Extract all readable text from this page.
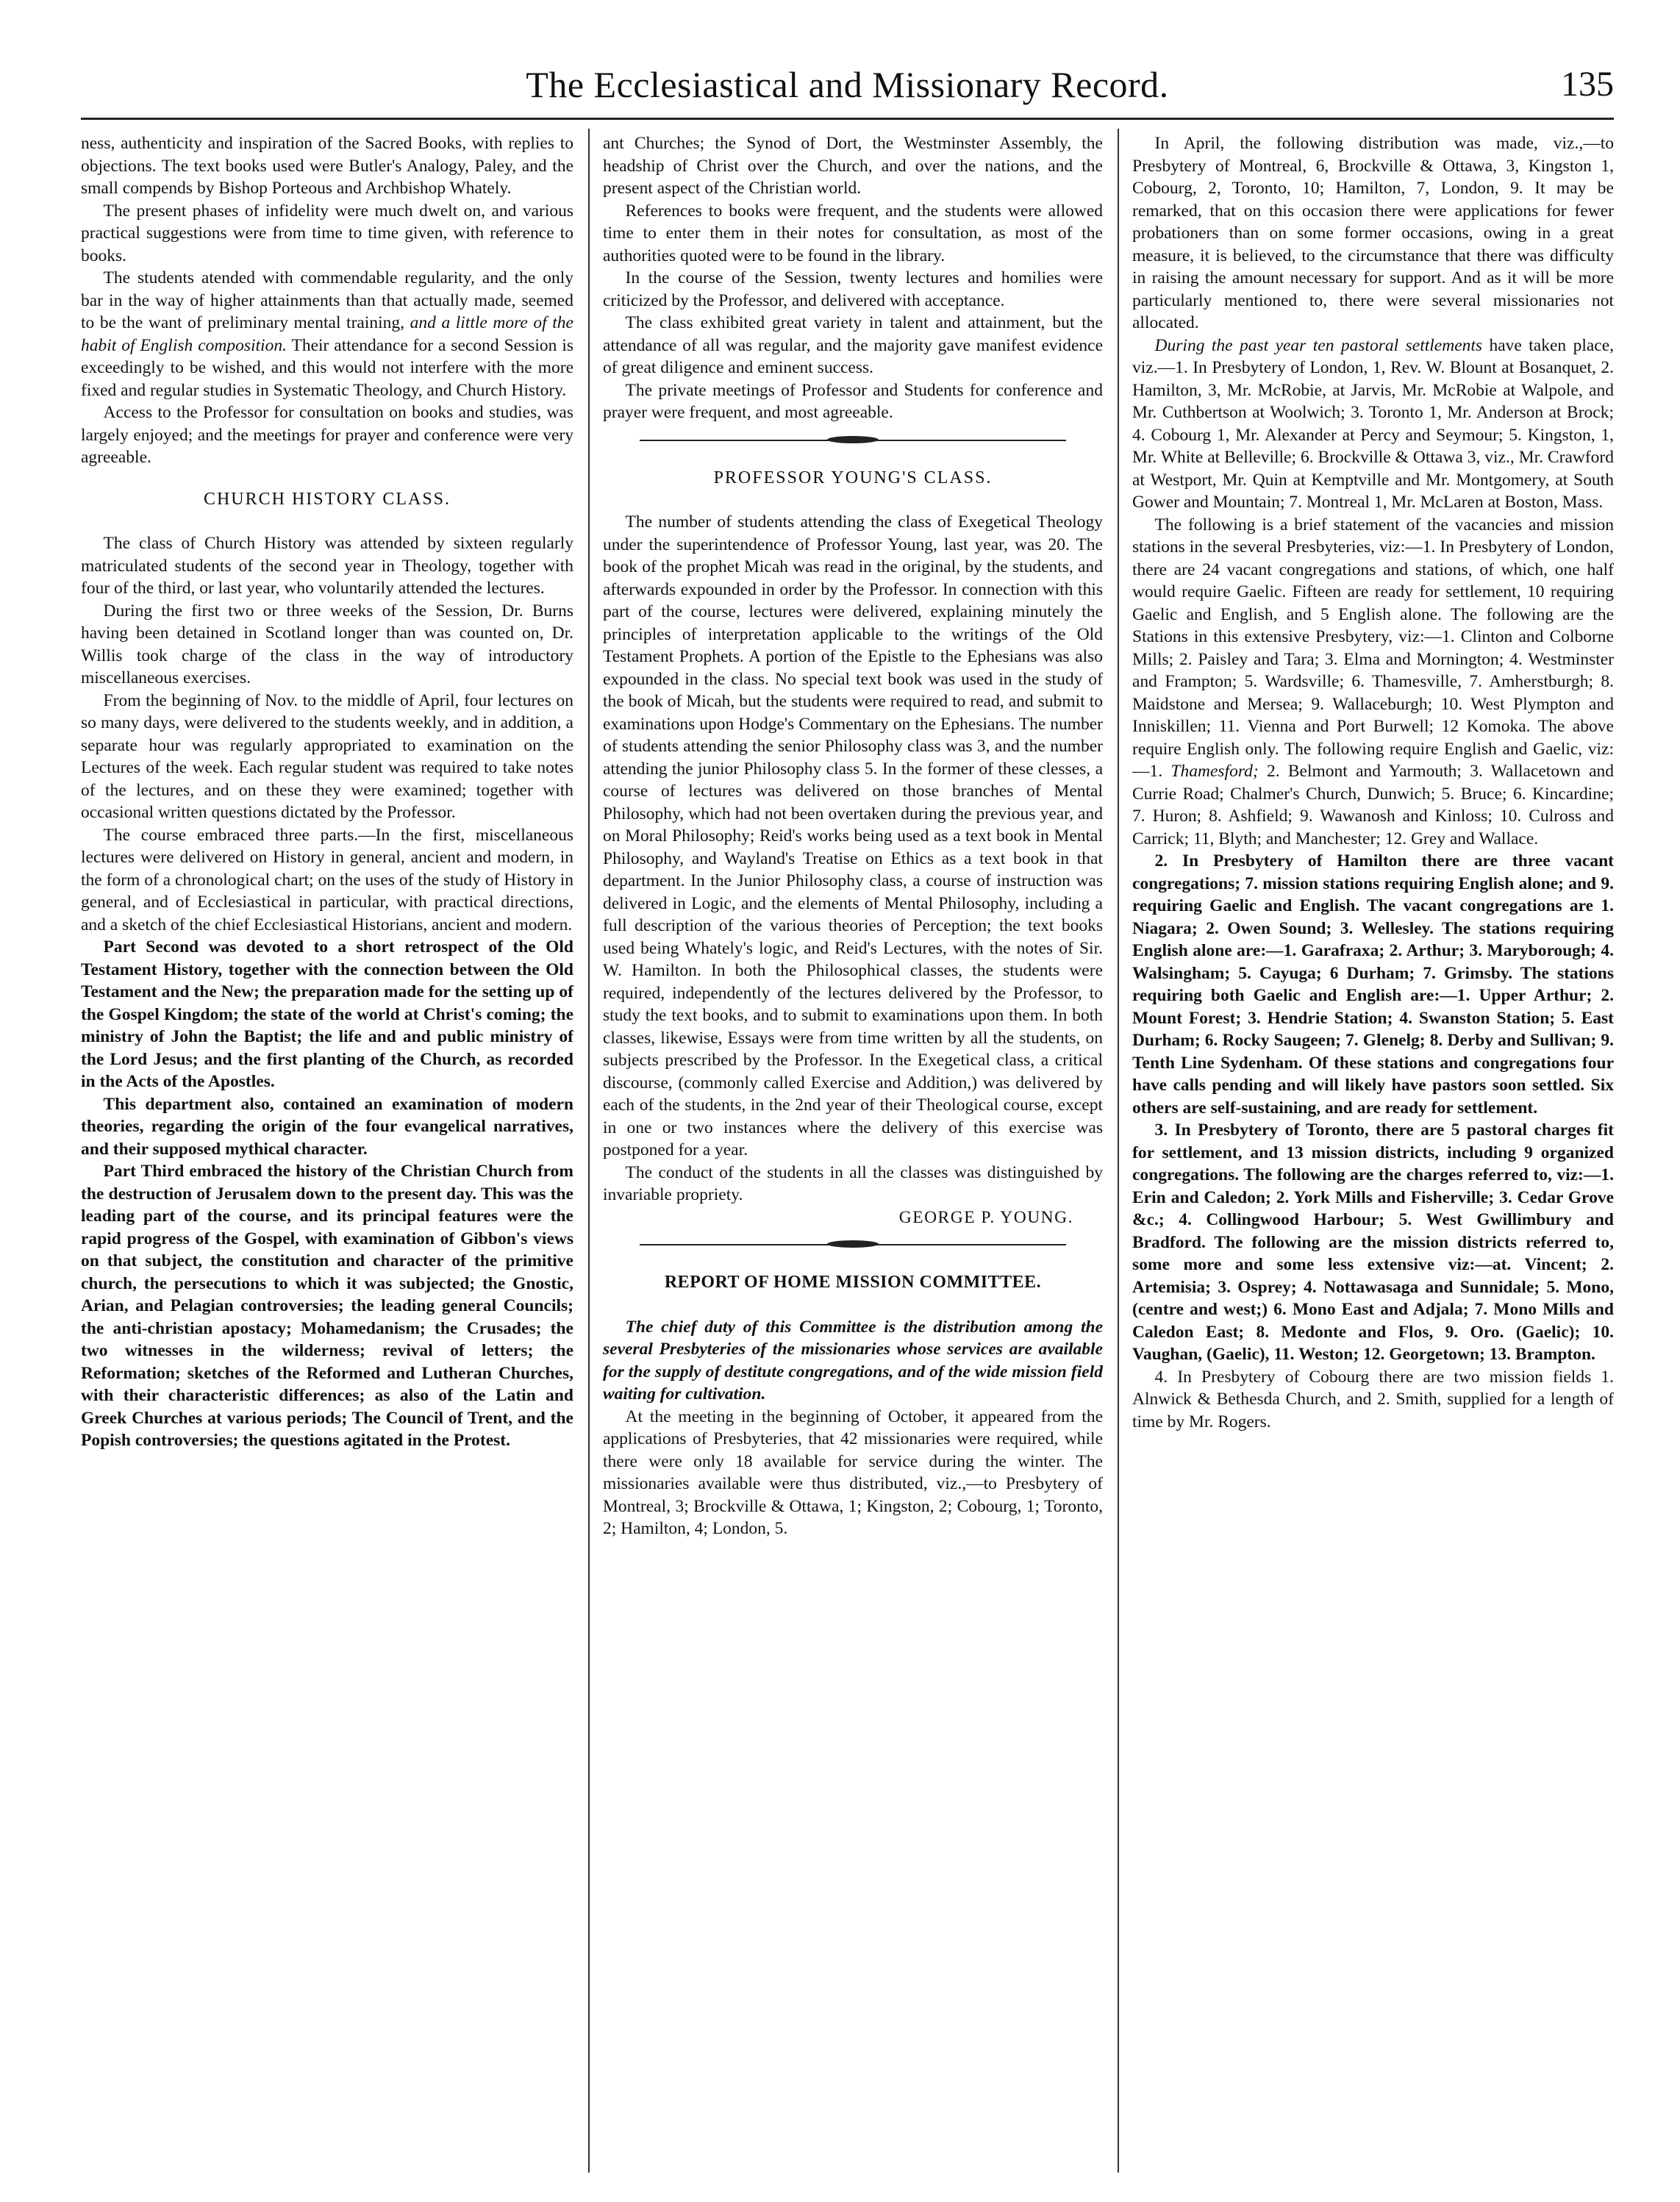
The Ecclesiastical and Missionary Record.	135

ness, authenticity and inspiration of the Sacred Books, with replies to objections. The text books used were Butler's Analogy, Paley, and the small compends by Bishop Porteous and Archbishop Whately.

The present phases of infidelity were much dwelt on, and various practical suggestions were from time to time given, with reference to books.

The students atended with commendable regularity, and the only bar in the way of higher attainments than that actually made, seemed to be the want of preliminary mental training, and a little more of the habit of English composition. Their attendance for a second Session is exceedingly to be wished, and this would not interfere with the more fixed and regular studies in Systematic Theology, and Church History.

Access to the Professor for consultation on books and studies, was largely enjoyed; and the meetings for prayer and conference were very agreeable.

CHURCH HISTORY CLASS.

The class of Church History was attended by sixteen regularly matriculated students of the second year in Theology, together with four of the third, or last year, who voluntarily attended the lectures.

During the first two or three weeks of the Session, Dr. Burns having been detained in Scotland longer than was counted on, Dr. Willis took charge of the class in the way of introductory miscellaneous exercises.

From the beginning of Nov. to the middle of April, four lectures on so many days, were delivered to the students weekly, and in addition, a separate hour was regularly appropriated to examination on the Lectures of the week. Each regular student was required to take notes of the lectures, and on these they were examined; together with occasional written questions dictated by the Professor.

The course embraced three parts.—In the first, miscellaneous lectures were delivered on History in general, ancient and modern, in the form of a chronological chart; on the uses of the study of History in general, and of Ecclesiastical in particular, with practical directions, and a sketch of the chief Ecclesiastical Historians, ancient and modern.

Part Second was devoted to a short retrospect of the Old Testament History, together with the connection between the Old Testament and the New; the preparation made for the setting up of the Gospel Kingdom; the state of the world at Christ's coming; the ministry of John the Baptist; the life and and public ministry of the Lord Jesus; and the first planting of the Church, as recorded in the Acts of the Apostles.

This department also, contained an examination of modern theories, regarding the origin of the four evangelical narratives, and their supposed mythical character.

Part Third embraced the history of the Christian Church from the destruction of Jerusalem down to the present day. This was the leading part of the course, and its principal features were the rapid progress of the Gospel, with examination of Gibbon's views on that subject, the constitution and character of the primitive church, the persecutions to which it was subjected; the Gnostic, Arian, and Pelagian controversies; the leading general Councils; the anti-christian apostacy; Mohamedanism; the Crusades; the two witnesses in the wilderness; revival of letters; the Reformation; sketches of the Reformed and Lutheran Churches, with their characteristic differences; as also of the Latin and Greek Churches at various periods; The Council of Trent, and the Popish controversies; the questions agitated in the Protest.

ant Churches; the Synod of Dort, the Westminster Assembly, the headship of Christ over the Church, and over the nations, and the present aspect of the Christian world.

References to books were frequent, and the students were allowed time to enter them in their notes for consultation, as most of the authorities quoted were to be found in the library.

In the course of the Session, twenty lectures and homilies were criticized by the Professor, and delivered with acceptance.

The class exhibited great variety in talent and attainment, but the attendance of all was regular, and the majority gave manifest evidence of great diligence and eminent success.

The private meetings of Professor and Students for conference and prayer were frequent, and most agreeable.

PROFESSOR YOUNG'S CLASS.

The number of students attending the class of Exegetical Theology under the superintendence of Professor Young, last year, was 20. The book of the prophet Micah was read in the original, by the students, and afterwards expounded in order by the Professor. In connection with this part of the course, lectures were delivered, explaining minutely the principles of interpretation applicable to the writings of the Old Testament Prophets. A portion of the Epistle to the Ephesians was also expounded in the class. No special text book was used in the study of the book of Micah, but the students were required to read, and submit to examinations upon Hodge's Commentary on the Ephesians. The number of students attending the senior Philosophy class was 3, and the number attending the junior Philosophy class 5. In the former of these clesses, a course of lectures was delivered on those branches of Mental Philosophy, which had not been overtaken during the previous year, and on Moral Philosophy; Reid's works being used as a text book in Mental Philosophy, and Wayland's Treatise on Ethics as a text book in that department. In the Junior Philosophy class, a course of instruction was delivered in Logic, and the elements of Mental Philosophy, including a full description of the various theories of Perception; the text books used being Whately's logic, and Reid's Lectures, with the notes of Sir. W. Hamilton. In both the Philosophical classes, the students were required, independently of the lectures delivered by the Professor, to study the text books, and to submit to examinations upon them. In both classes, likewise, Essays were from time written by all the students, on subjects prescribed by the Professor. In the Exegetical class, a critical discourse, (commonly called Exercise and Addition,) was delivered by each of the students, in the 2nd year of their Theological course, except in one or two instances where the delivery of this exercise was postponed for a year.

The conduct of the students in all the classes was distinguished by invariable propriety.

GEORGE P. YOUNG.
REPORT OF HOME MISSION COMMITTEE.

The chief duty of this Committee is the distribution among the several Presbyteries of the missionaries whose services are available for the supply of destitute congregations, and of the wide mission field waiting for cultivation.

At the meeting in the beginning of October, it appeared from the applications of Presbyteries, that 42 missionaries were required, while there were only 18 available for service during the winter. The missionaries available were thus distributed, viz.,—to Presbytery of Montreal, 3; Brockville & Ottawa, 1; Kingston, 2; Cobourg, 1; Toronto, 2; Hamilton, 4; London, 5.

In April, the following distribution was made, viz.,—to Presbytery of Montreal, 6, Brockville & Ottawa, 3, Kingston 1, Cobourg, 2, Toronto, 10; Hamilton, 7, London, 9. It may be remarked, that on this occasion there were applications for fewer probationers than on some former occasions, owing in a great measure, it is believed, to the circumstance that there was difficulty in raising the amount necessary for support. And as it will be more particularly mentioned to, there were several missionaries not allocated.

During the past year ten pastoral settlements have taken place, viz.—1. In Presbytery of London, 1, Rev. W. Blount at Bosanquet, 2. Hamilton, 3, Mr. McRobie, at Jarvis, Mr. McRobie at Walpole, and Mr. Cuthbertson at Woolwich; 3. Toronto 1, Mr. Anderson at Brock; 4. Cobourg 1, Mr. Alexander at Percy and Seymour; 5. Kingston, 1, Mr. White at Belleville; 6. Brockville & Ottawa 3, viz., Mr. Crawford at Westport, Mr. Quin at Kemptville and Mr. Montgomery, at South Gower and Mountain; 7. Montreal 1, Mr. McLaren at Boston, Mass.

The following is a brief statement of the vacancies and mission stations in the several Presbyteries, viz:—1. In Presbytery of London, there are 24 vacant congregations and stations, of which, one half would require Gaelic. Fifteen are ready for settlement, 10 requiring Gaelic and English, and 5 English alone. The following are the Stations in this extensive Presbytery, viz:—1. Clinton and Colborne Mills; 2. Paisley and Tara; 3. Elma and Mornington; 4. Westminster and Frampton; 5. Wardsville; 6. Thamesville, 7. Amherstburgh; 8. Maidstone and Mersea; 9. Wallaceburgh; 10. West Plympton and Inniskillen; 11. Vienna and Port Burwell; 12 Komoka. The above require English only. The following require English and Gaelic, viz:—1. Thamesford; 2. Belmont and Yarmouth; 3. Wallacetown and Currie Road; Chalmer's Church, Dunwich; 5. Bruce; 6. Kincardine; 7. Huron; 8. Ashfield; 9. Wawanosh and Kinloss; 10. Culross and Carrick; 11, Blyth; and Manchester; 12. Grey and Wallace.

2. In Presbytery of Hamilton there are three vacant congregations; 7. mission stations requiring English alone; and 9. requiring Gaelic and English. The vacant congregations are 1. Niagara; 2. Owen Sound; 3. Wellesley. The stations requiring English alone are:—1. Garafraxa; 2. Arthur; 3. Maryborough; 4. Walsingham; 5. Cayuga; 6 Durham; 7. Grimsby. The stations requiring both Gaelic and English are:—1. Upper Arthur; 2. Mount Forest; 3. Hendrie Station; 4. Swanston Station; 5. East Durham; 6. Rocky Saugeen; 7. Glenelg; 8. Derby and Sullivan; 9. Tenth Line Sydenham. Of these stations and congregations four have calls pending and will likely have pastors soon settled. Six others are self-sustaining, and are ready for settlement.

3. In Presbytery of Toronto, there are 5 pastoral charges fit for settlement, and 13 mission districts, including 9 organized congregations. The following are the charges referred to, viz:—1. Erin and Caledon; 2. York Mills and Fisherville; 3. Cedar Grove &c.; 4. Collingwood Harbour; 5. West Gwillimbury and Bradford. The following are the mission districts referred to, some more and some less extensive viz:—at. Vincent; 2. Artemisia; 3. Osprey; 4. Nottawasaga and Sunnidale; 5. Mono, (centre and west;) 6. Mono East and Adjala; 7. Mono Mills and Caledon East; 8. Medonte and Flos, 9. Oro. (Gaelic); 10. Vaughan, (Gaelic), 11. Weston; 12. Georgetown; 13. Brampton.

4. In Presbytery of Cobourg there are two mission fields 1. Alnwick & Bethesda Church, and 2. Smith, supplied for a length of time by Mr. Rogers.
